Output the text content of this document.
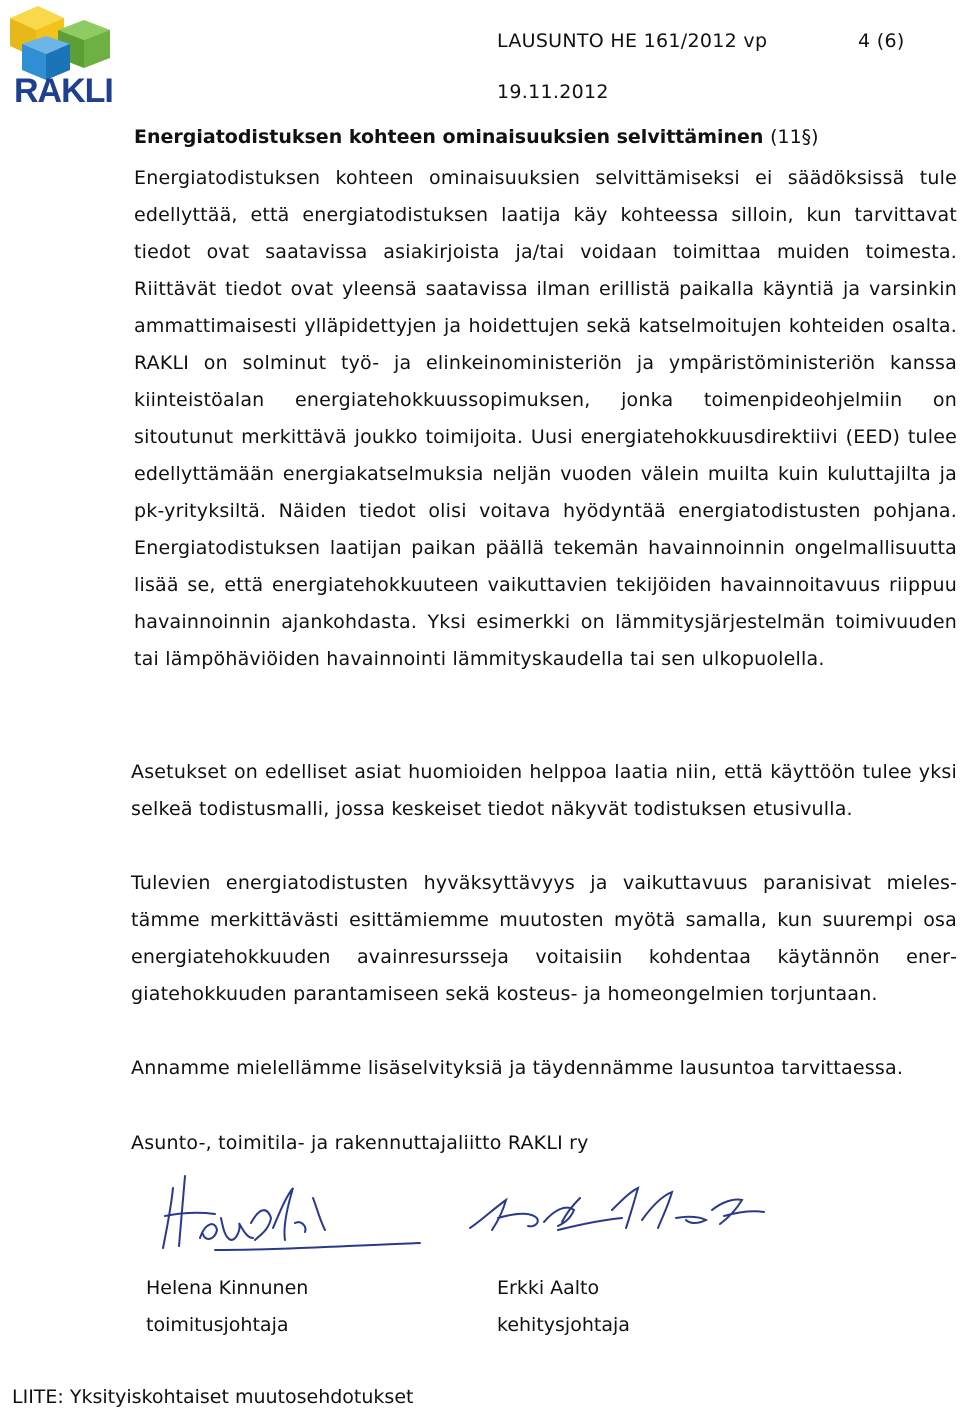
RAKLI
LAUSUNTO HE 161/2012 vp	4 (6)
19.11.2012

Energiatodistuksen kohteen ominaisuuksien selvittäminen (11§)

Energiatodistuksen kohteen ominaisuuksien selvittämiseksi ei säädöksissä tule edellyttää, että energiatodistuksen laatija käy kohteessa silloin, kun tarvittavat tiedot ovat saatavissa asiakirjoista ja/tai voidaan toimittaa muiden toimesta. Riittävät tiedot ovat yleensä saatavissa ilman erillistä paikalla käyntiä ja varsinkin ammattimaisesti ylläpidettyjen ja hoidettujen sekä katselmoitujen kohteiden osalta. RAKLI on solminut työ- ja elinkeinoministeriön ja ympäristöministeriön kanssa kiinteistöalan energiatehokkuussopimuksen, jonka toimenpideohjelmiin on sitoutunut merkittävä joukko toimijoita. Uusi energiatehokkuusdirektiivi (EED) tulee edellyttämään energiakatselmuksia neljän vuoden välein muilta kuin kuluttajilta ja pk-yrityksiltä. Näiden tiedot olisi voitava hyödyntää energiatodistusten pohjana. Energiatodistuksen laatijan paikan päällä tekemän havainnoinnin ongelmallisuutta lisää se, että energiatehokkuuteen vaikuttavien tekijöiden havainnoitavuus riippuu havainnoinnin ajankohdasta. Yksi esimerkki on lämmitysjärjestelmän toimivuuden tai lämpöhäviöiden havainnointi lämmityskaudella tai sen ulkopuolella.

Asetukset on edelliset asiat huomioiden helppoa laatia niin, että käyttöön tulee yksi selkeä todistusmalli, jossa keskeiset tiedot näkyvät todistuksen etusivulla.

Tulevien energiatodistusten hyväksyttävyys ja vaikuttavuus paranisivat mielestämme merkittävästi esittämiemme muutosten myötä samalla, kun suurempi osa energiatehokkuuden avainresursseja voitaisiin kohdentaa käytännön energiatehokkuuden parantamiseen sekä kosteus- ja homeongelmien torjuntaan.

Annamme mielellämme lisäselvityksiä ja täydennämme lausuntoa tarvittaessa.

Asunto-, toimitila- ja rakennuttajaliitto RAKLI ry

Helena Kinnunen
toimitusjohtaja
Erkki Aalto
kehitysjohtaja
LIITE: Yksityiskohtaiset muutosehdotukset
